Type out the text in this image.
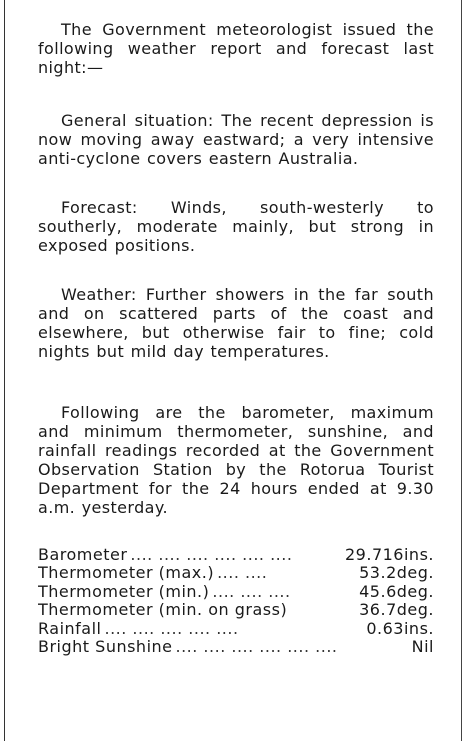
The Government meteorologist issued the following weather report and forecast last night:—

General situation: The recent depression is now moving away eastward; a very intensive anti-cyclone covers eastern Australia.

Forecast: Winds, south-westerly to southerly, moderate mainly, but strong in exposed positions.

Weather: Further showers in the far south and on scattered parts of the coast and elsewhere, but otherwise fair to fine; cold nights but mild day temperatures.

Following are the barometer, maximum and minimum thermometer, sunshine, and rainfall readings recorded at the Government Observation Station by the Rotorua Tourist Department for the 24 hours ended at 9.30 a.m. yesterday.

Barometer .... .... .... .... .... ....	29.716ins.
Thermometer (max.) .... ....	53.2deg.
Thermometer (min.) .... .... ....	45.6deg.
Thermometer (min. on grass)	36.7deg.
Rainfall .... .... .... .... ....	0.63ins.
Bright Sunshine .... .... .... .... .... ....	Nil
